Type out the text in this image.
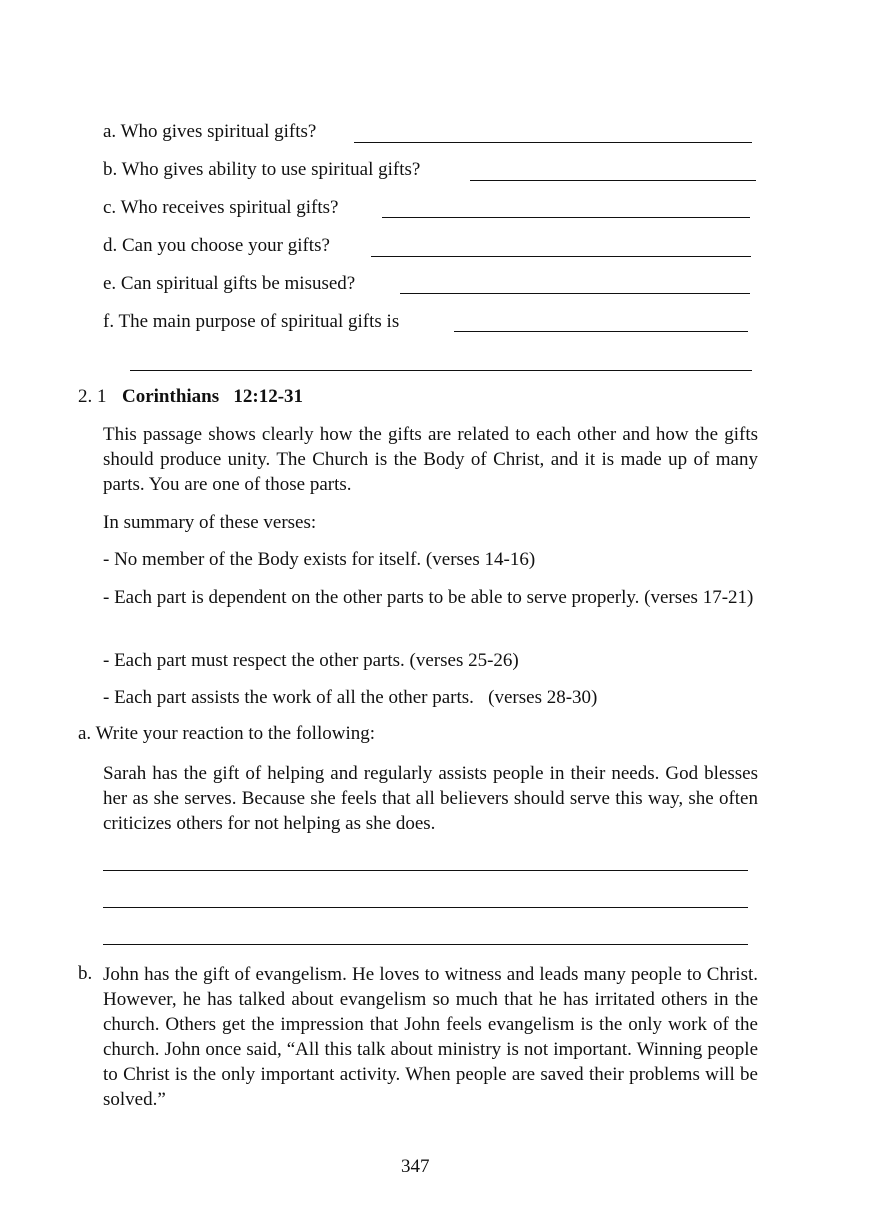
a. Who gives spiritual gifts?
b. Who gives ability to use spiritual gifts?
c. Who receives spiritual gifts?
d. Can you choose your gifts?
e. Can spiritual gifts be misused?
f. The main purpose of spiritual gifts is
2. 1 Corinthians   12:12-31
This passage shows clearly how the gifts are related to each other and how the gifts should produce unity. The Church is the Body of Christ, and it is made up of many parts. You are one of those parts.
In summary of these verses:
- No member of the Body exists for itself. (verses 14-16)
- Each part is dependent on the other parts to be able to serve properly. (verses 17-21)
- Each part must respect the other parts. (verses 25-26)
- Each part assists the work of all the other parts.   (verses 28-30)
a. Write your reaction to the following:
Sarah has the gift of helping and regularly assists people in their needs. God blesses her as she serves. Because she feels that all believers should serve this way, she often criticizes others for not helping as she does.
b. John has the gift of evangelism. He loves to witness and leads many people to Christ. However, he has talked about evangelism so much that he has irritated others in the church. Others get the impression that John feels evangelism is the only work of the church. John once said, “All this talk about ministry is not important. Winning people to Christ is the only important activity. When people are saved their problems will be solved.”
347
